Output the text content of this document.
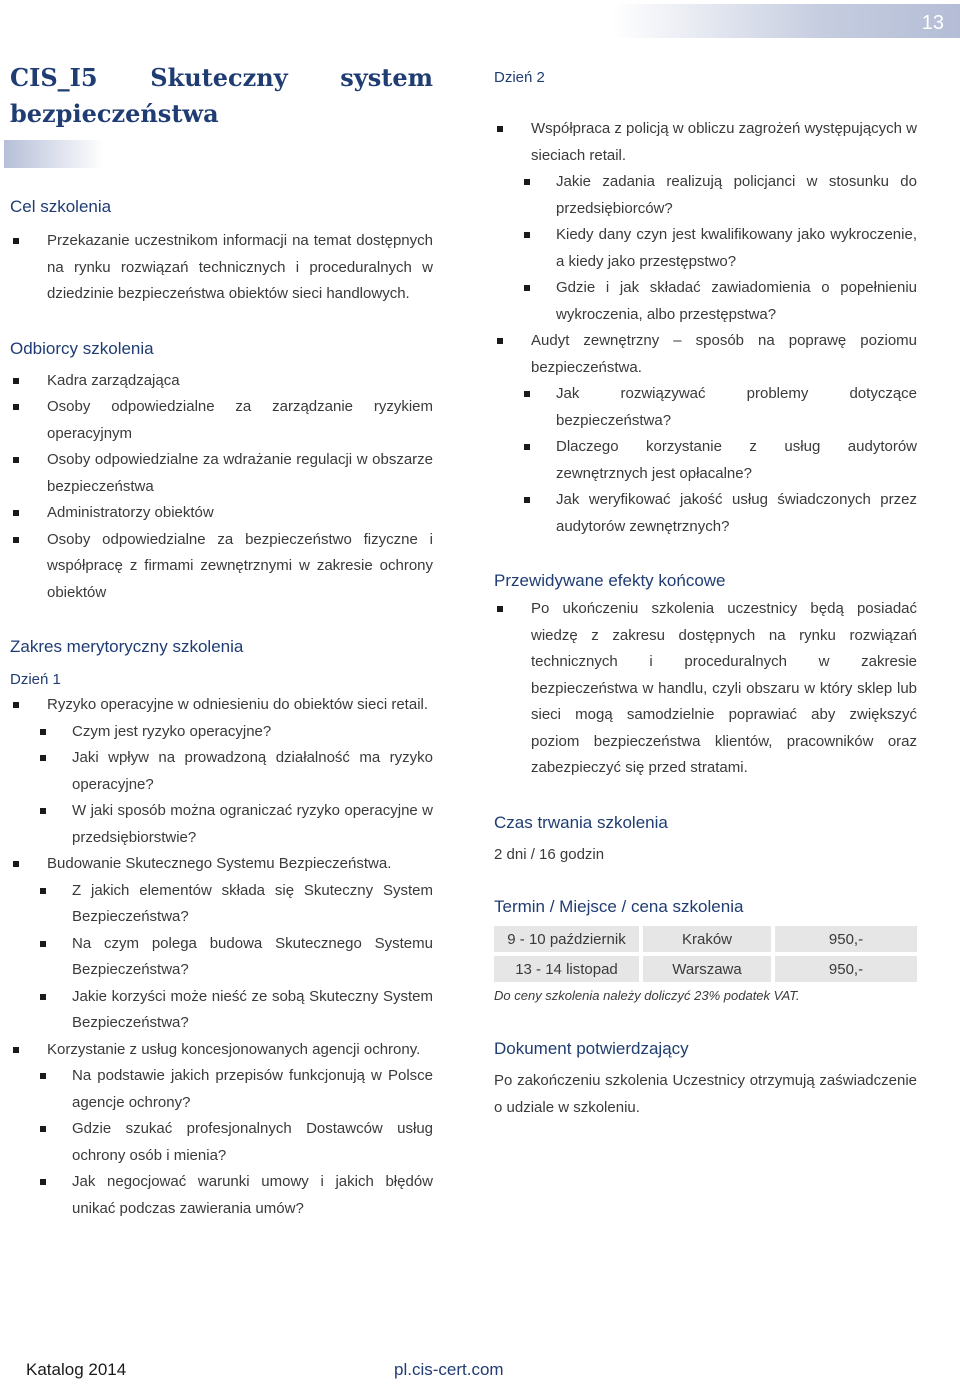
13
CIS_I5 Skuteczny system
bezpieczeństwa
Cel szkolenia
Przekazanie uczestnikom informacji na temat dostępnych na rynku rozwiązań technicznych i proceduralnych w dziedzinie bezpieczeństwa obiektów sieci handlowych.
Odbiorcy szkolenia
Kadra zarządzająca
Osoby odpowiedzialne za zarządzanie ryzykiem operacyjnym
Osoby odpowiedzialne za wdrażanie regulacji w obszarze bezpieczeństwa
Administratorzy obiektów
Osoby odpowiedzialne za bezpieczeństwo fizyczne i współpracę z firmami zewnętrznymi w zakresie ochrony obiektów
Zakres merytoryczny szkolenia
Dzień 1
Ryzyko operacyjne w odniesieniu do obiektów sieci retail.
Czym jest ryzyko operacyjne?
Jaki wpływ na prowadzoną działalność ma ryzyko operacyjne?
W jaki sposób można ograniczać ryzyko operacyjne w przedsiębiorstwie?
Budowanie Skutecznego Systemu Bezpieczeństwa.
Z jakich elementów składa się Skuteczny System Bezpieczeństwa?
Na czym polega budowa Skutecznego Systemu Bezpieczeństwa?
Jakie korzyści może nieść ze sobą Skuteczny System Bezpieczeństwa?
Korzystanie z usług koncesjonowanych agencji ochrony.
Na podstawie jakich przepisów funkcjonują w Polsce agencje ochrony?
Gdzie szukać profesjonalnych Dostawców usług ochrony osób i mienia?
Jak negocjować warunki umowy i jakich błędów unikać podczas zawierania umów?
Dzień 2
Współpraca z policją w obliczu zagrożeń występujących w sieciach retail.
Jakie zadania realizują policjanci w stosunku do przedsiębiorców?
Kiedy dany czyn jest kwalifikowany jako wykroczenie, a kiedy jako przestępstwo?
Gdzie i jak składać zawiadomienia o popełnieniu wykroczenia, albo przestępstwa?
Audyt zewnętrzny – sposób na poprawę poziomu bezpieczeństwa.
Jak rozwiązywać problemy dotyczące bezpieczeństwa?
Dlaczego korzystanie z usług audytorów zewnętrznych jest opłacalne?
Jak weryfikować jakość usług świadczonych przez audytorów zewnętrznych?
Przewidywane efekty końcowe
Po ukończeniu szkolenia uczestnicy będą posiadać wiedzę z zakresu dostępnych na rynku rozwiązań technicznych i proceduralnych w zakresie bezpieczeństwa w handlu, czyli obszaru w który sklep lub sieci mogą samodzielnie poprawiać aby zwiększyć poziom bezpieczeństwa klientów, pracowników oraz zabezpieczyć się przed stratami.
Czas trwania szkolenia
2 dni / 16 godzin
Termin / Miejsce / cena szkolenia
9 - 10 październik	Kraków	950,-
13 - 14 listopad	Warszawa	950,-
Do ceny szkolenia należy doliczyć 23% podatek VAT.
Dokument potwierdzający
Po zakończeniu szkolenia Uczestnicy otrzymują zaświadczenie o udziale w szkoleniu.
Katalog 2014	pl.cis-cert.com
